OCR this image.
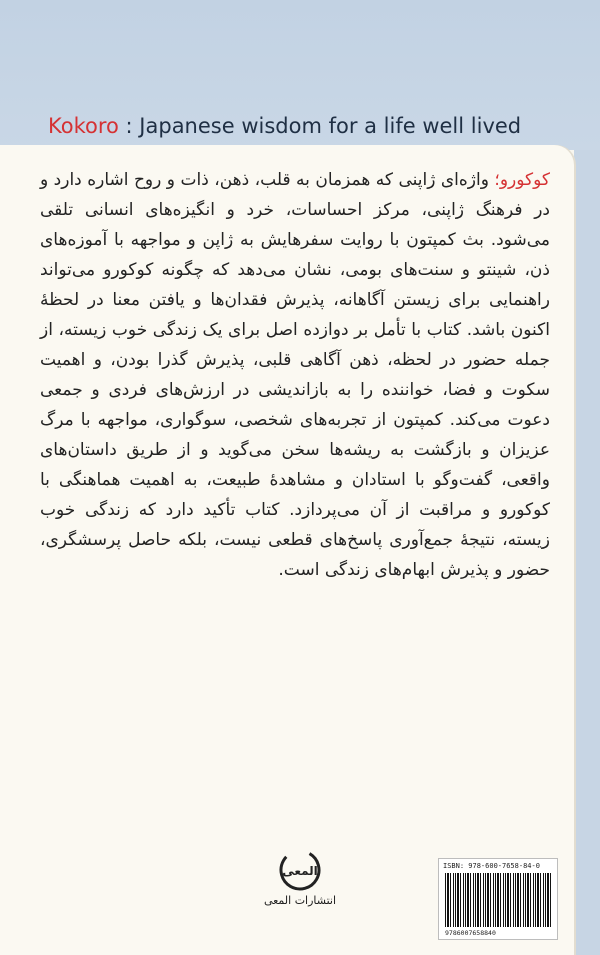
Kokoro : Japanese wisdom for a life well lived

کوکورو؛ واژه‌ای ژاپنی که همزمان به قلب، ذهن، ذات و روح اشاره دارد و در فرهنگ ژاپنی، مرکز احساسات، خرد و انگیزه‌های انسانی تلقی می‌شود. بث کمپتون با روایت سفرهایش به ژاپن و مواجهه با آموزه‌های ذن، شینتو و سنت‌های بومی، نشان می‌دهد که چگونه کوکورو می‌تواند راهنمایی برای زیستن آگاهانه، پذیرش فقدان‌ها و یافتن معنا در لحظهٔ اکنون باشد. کتاب با تأمل بر دوازده اصل برای یک زندگی خوب زیسته، از جمله حضور در لحظه، ذهن آگاهی قلبی، پذیرش گذرا بودن، و اهمیت سکوت و فضا، خواننده را به بازاندیشی در ارزش‌های فردی و جمعی دعوت می‌کند. کمپتون از تجربه‌های شخصی، سوگواری، مواجهه با مرگ عزیزان و بازگشت به ریشه‌ها سخن می‌گوید و از طریق داستان‌های واقعی، گفت‌وگو با استادان و مشاهدهٔ طبیعت، به اهمیت هماهنگی با کوکورو و مراقبت از آن می‌پردازد. کتاب تأکید دارد که زندگی خوب زیسته، نتیجهٔ جمع‌آوری پاسخ‌های قطعی نیست، بلکه حاصل پرسشگری، حضور و پذیرش ابهام‌های زندگی است.

المعی
انتشارات المعی
ISBN: 978-600-7658-84-0
9786007658840
